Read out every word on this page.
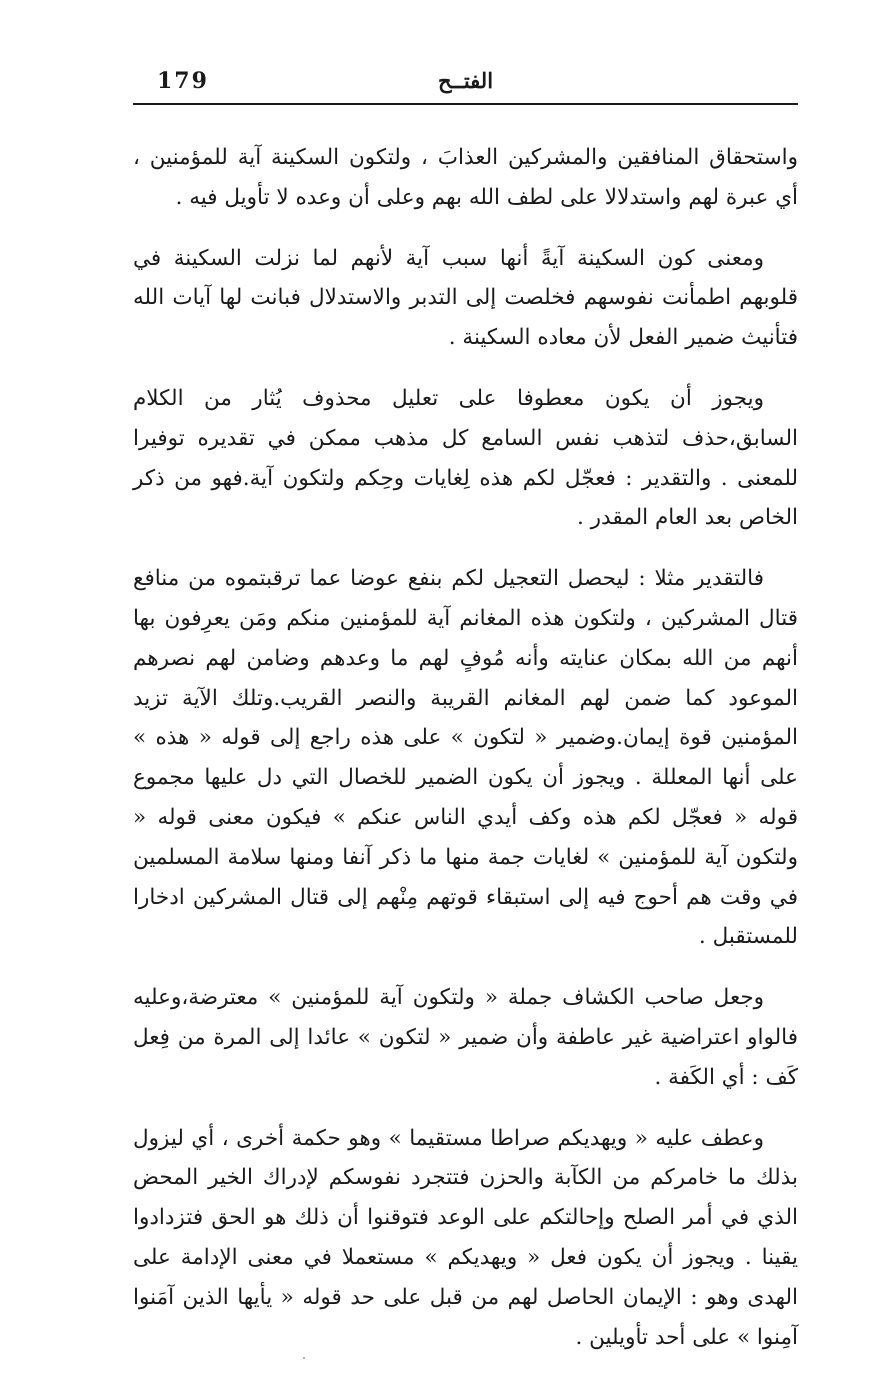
179	الفتــح

واستحقاق المنافقين والمشركين العذابَ ، ولتكون السكينة آية للمؤمنين ، أي عبرة لهم واستدلالا على لطف الله بهم وعلى أن وعده لا تأويل فيه .

ومعنى كون السكينة آيةً أنها سبب آية لأنهم لما نزلت السكينة في قلوبهم اطمأنت نفوسهم فخلصت إلى التدبر والاستدلال فبانت لها آيات الله فتأنيث ضمير الفعل لأن معاده السكينة .

ويجوز أن يكون معطوفا على تعليل محذوف يُثار من الكلام السابق،حذف لتذهب نفس السامع كل مذهب ممكن في تقديره توفيرا للمعنى . والتقدير : فعجّل لكم هذه لِغايات وحِكم ولتكون آية.فهو من ذكر الخاص بعد العام المقدر .

فالتقدير مثلا : ليحصل التعجيل لكم بنفع عوضا عما ترقبتموه من منافع قتال المشركين ، ولتكون هذه المغانم آية للمؤمنين منكم ومَن يعرِفون بها أنهم من الله بمكان عنايته وأنه مُوفٍ لهم ما وعدهم وضامن لهم نصرهم الموعود كما ضمن لهم المغانم القريبة والنصر القريب.وتلك الآية تزيد المؤمنين قوة إيمان.وضمير « لتكون » على هذه راجع إلى قوله « هذه » على أنها المعللة . ويجوز أن يكون الضمير للخصال التي دل عليها مجموع قوله « فعجّل لكم هذه وكف أيدي الناس عنكم » فيكون معنى قوله « ولتكون آية للمؤمنين » لغايات جمة منها ما ذكر آنفا ومنها سلامة المسلمين في وقت هم أحوج فيه إلى استبقاء قوتهم مِنْهم إلى قتال المشركين ادخارا للمستقبل .

وجعل صاحب الكشاف جملة « ولتكون آية للمؤمنين » معترضة،وعليه فالواو اعتراضية غير عاطفة وأن ضمير « لتكون » عائدا إلى المرة من فِعل كَف : أي الكَفة .

وعطف عليه « ويهديكم صراطا مستقيما » وهو حكمة أخرى ، أي ليزول بذلك ما خامركم من الكآبة والحزن فتتجرد نفوسكم لإدراك الخير المحض الذي في أمر الصلح وإحالتكم على الوعد فتوقنوا أن ذلك هو الحق فتزدادوا يقينا . ويجوز أن يكون فعل « ويهديكم » مستعملا في معنى الإدامة على الهدى وهو : الإيمان الحاصل لهم من قبل على حد قوله « يأيها الذين آمَنوا آمِنوا » على أحد تأويلين .
